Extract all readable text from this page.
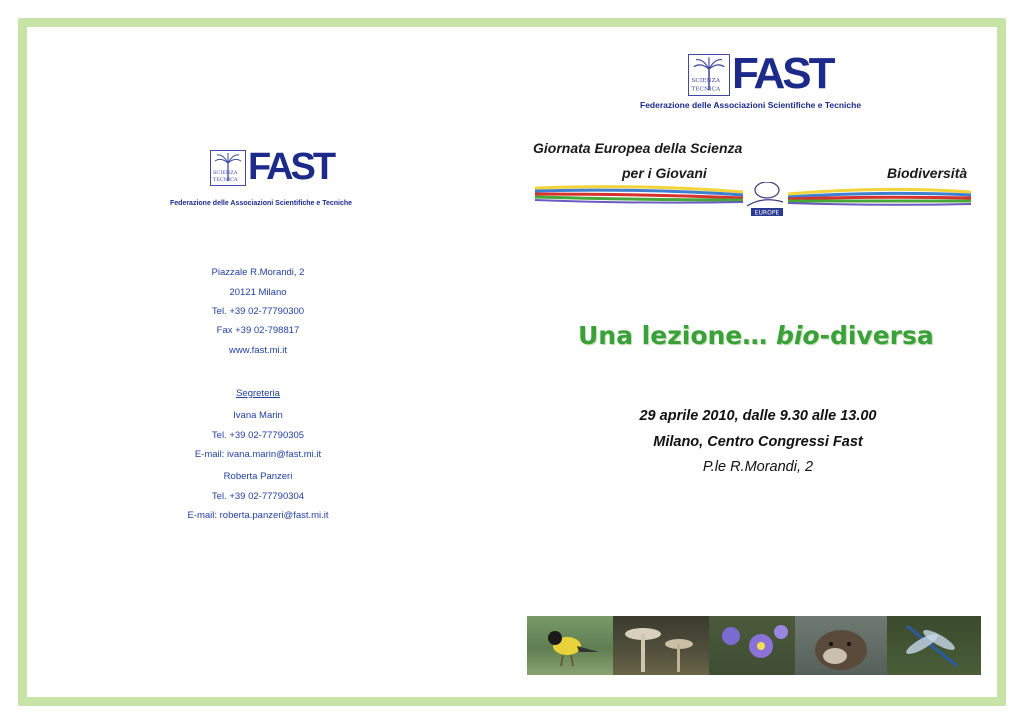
SCIENZA
TECNICA FAST
Federazione delle Associazioni Scientifiche e Tecniche
Piazzale R.Morandi, 2
20121 Milano
Tel. +39 02-77790300
Fax +39 02-798817
www.fast.mi.it
Segreteria
Ivana Marin
Tel. +39 02-77790305
E-mail: ivana.marin@fast.mi.it
Roberta Panzeri
Tel. +39 02-77790304
E-mail: roberta.panzeri@fast.mi.it
SCIENZA
TECNICA FAST
Federazione delle Associazioni Scientifiche e Tecniche
Giornata Europea della Scienza
per i Giovani	Biodiversità
EUROPE
Una lezione… bio-diversa
29 aprile 2010, dalle 9.30 alle 13.00
Milano, Centro Congressi Fast
P.le R.Morandi, 2
